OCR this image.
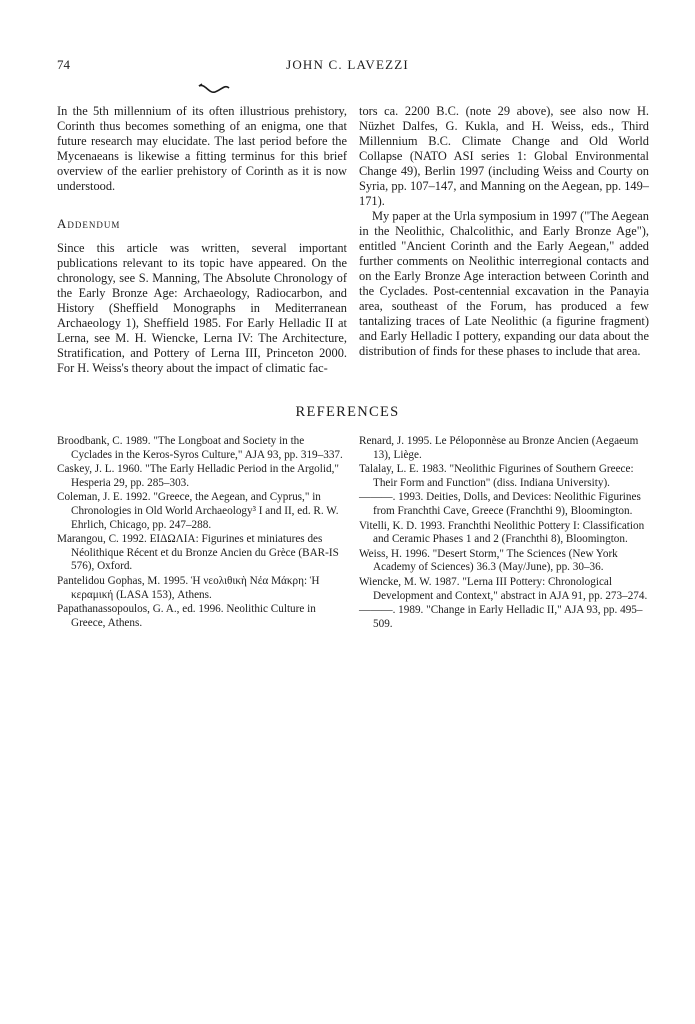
74	JOHN C. LAVEZZI

In the 5th millennium of its often illustrious prehistory, Corinth thus becomes something of an enigma, one that future research may elucidate. The last period before the Mycenaeans is likewise a fitting terminus for this brief overview of the earlier prehistory of Corinth as it is now understood.

Addendum

Since this article was written, several important publications relevant to its topic have appeared. On the chronology, see S. Manning, The Absolute Chronology of the Early Bronze Age: Archaeology, Radiocarbon, and History (Sheffield Monographs in Mediterranean Archaeology 1), Sheffield 1985. For Early Helladic II at Lerna, see M. H. Wiencke, Lerna IV: The Architecture, Stratification, and Pottery of Lerna III, Princeton 2000. For H. Weiss's theory about the impact of climatic fac-

tors ca. 2200 B.C. (note 29 above), see also now H. Nüzhet Dalfes, G. Kukla, and H. Weiss, eds., Third Millennium B.C. Climate Change and Old World Collapse (NATO ASI series 1: Global Environmental Change 49), Berlin 1997 (including Weiss and Courty on Syria, pp. 107–147, and Manning on the Aegean, pp. 149–171).

My paper at the Urla symposium in 1997 ("The Aegean in the Neolithic, Chalcolithic, and Early Bronze Age"), entitled "Ancient Corinth and the Early Aegean," added further comments on Neolithic interregional contacts and on the Early Bronze Age interaction between Corinth and the Cyclades. Post-centennial excavation in the Panayia area, southeast of the Forum, has produced a few tantalizing traces of Late Neolithic (a figurine fragment) and Early Helladic I pottery, expanding our data about the distribution of finds for these phases to include that area.

REFERENCES
Broodbank, C. 1989. "The Longboat and Society in the Cyclades in the Keros-Syros Culture," AJA 93, pp. 319–337.
Caskey, J. L. 1960. "The Early Helladic Period in the Argolid," Hesperia 29, pp. 285–303.
Coleman, J. E. 1992. "Greece, the Aegean, and Cyprus," in Chronologies in Old World Archaeology³ I and II, ed. R. W. Ehrlich, Chicago, pp. 247–288.
Marangou, C. 1992. ΕΙΔΩΛΙΑ: Figurines et miniatures des Néolithique Récent et du Bronze Ancien du Grèce (BAR-IS 576), Oxford.
Pantelidou Gophas, M. 1995. Ἡ νεολιθικὴ Νέα Μάκρη: Ἡ κεραμική (LASA 153), Athens.
Papathanassopoulos, G. A., ed. 1996. Neolithic Culture in Greece, Athens.
Renard, J. 1995. Le Péloponnèse au Bronze Ancien (Aegaeum 13), Liège.
Talalay, L. E. 1983. "Neolithic Figurines of Southern Greece: Their Form and Function" (diss. Indiana University).
———. 1993. Deities, Dolls, and Devices: Neolithic Figurines from Franchthi Cave, Greece (Franchthi 9), Bloomington.
Vitelli, K. D. 1993. Franchthi Neolithic Pottery I: Classification and Ceramic Phases 1 and 2 (Franchthi 8), Bloomington.
Weiss, H. 1996. "Desert Storm," The Sciences (New York Academy of Sciences) 36.3 (May/June), pp. 30–36.
Wiencke, M. W. 1987. "Lerna III Pottery: Chronological Development and Context," abstract in AJA 91, pp. 273–274.
———. 1989. "Change in Early Helladic II," AJA 93, pp. 495–509.
